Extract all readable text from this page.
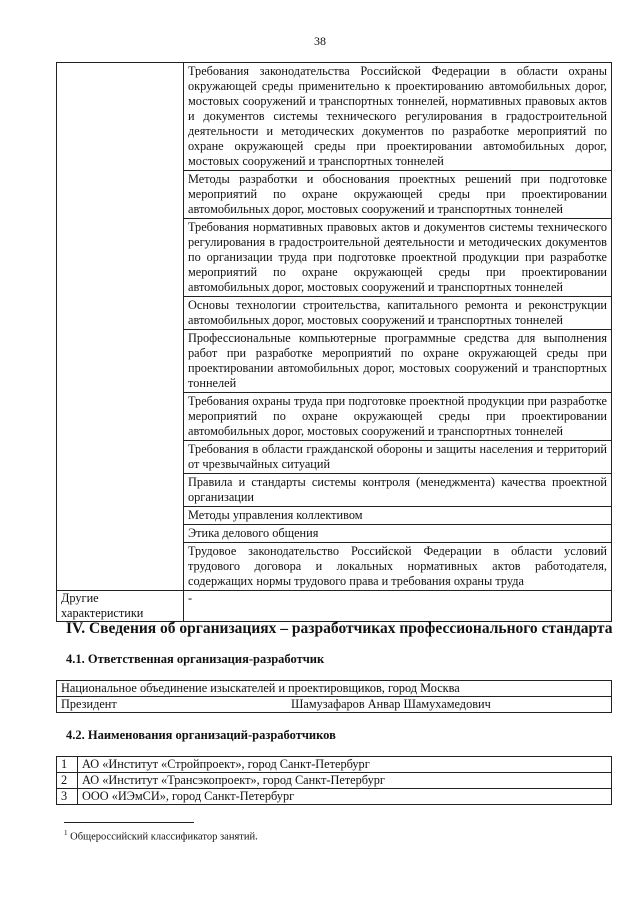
38
	Требования законодательства Российской Федерации в области охраны окружающей среды применительно к проектированию автомобильных дорог, мостовых сооружений и транспортных тоннелей, нормативных правовых актов и документов системы технического регулирования в градостроительной деятельности и методических документов по разработке мероприятий по охране окружающей среды при проектировании автомобильных дорог, мостовых сооружений и транспортных тоннелей
	Методы разработки и обоснования проектных решений при подготовке мероприятий по охране окружающей среды при проектировании автомобильных дорог, мостовых сооружений и транспортных тоннелей
	Требования нормативных правовых актов и документов системы технического регулирования в градостроительной деятельности и методических документов по организации труда при подготовке проектной продукции при разработке мероприятий по охране окружающей среды при проектировании автомобильных дорог, мостовых сооружений и транспортных тоннелей
	Основы технологии строительства, капитального ремонта и реконструкции автомобильных дорог, мостовых сооружений и транспортных тоннелей
	Профессиональные компьютерные программные средства для выполнения работ при разработке мероприятий по охране окружающей среды при проектировании автомобильных дорог, мостовых сооружений и транспортных тоннелей
	Требования охраны труда при подготовке проектной продукции при разработке мероприятий по охране окружающей среды при проектировании автомобильных дорог, мостовых сооружений и транспортных тоннелей
	Требования в области гражданской обороны и защиты населения и территорий от чрезвычайных ситуаций
	Правила и стандарты системы контроля (менеджмента) качества проектной организации
	Методы управления коллективом
	Этика делового общения
	Трудовое законодательство Российской Федерации в области условий трудового договора и локальных нормативных актов работодателя, содержащих нормы трудового права и требования охраны труда
Другие характеристики	-
IV. Сведения об организациях – разработчиках профессионального стандарта
4.1. Ответственная организация-разработчик
Национальное объединение изыскателей и проектировщиков, город Москва

Президент	Шамузафаров Анвар Шамухамедович
4.2. Наименования организаций-разработчиков
1	АО «Институт «Стройпроект», город Санкт-Петербург
2	АО «Институт «Трансэкопроект», город Санкт-Петербург
3	ООО «ИЭмСИ», город Санкт-Петербург
$^1$ Общероссийский классификатор занятий.
